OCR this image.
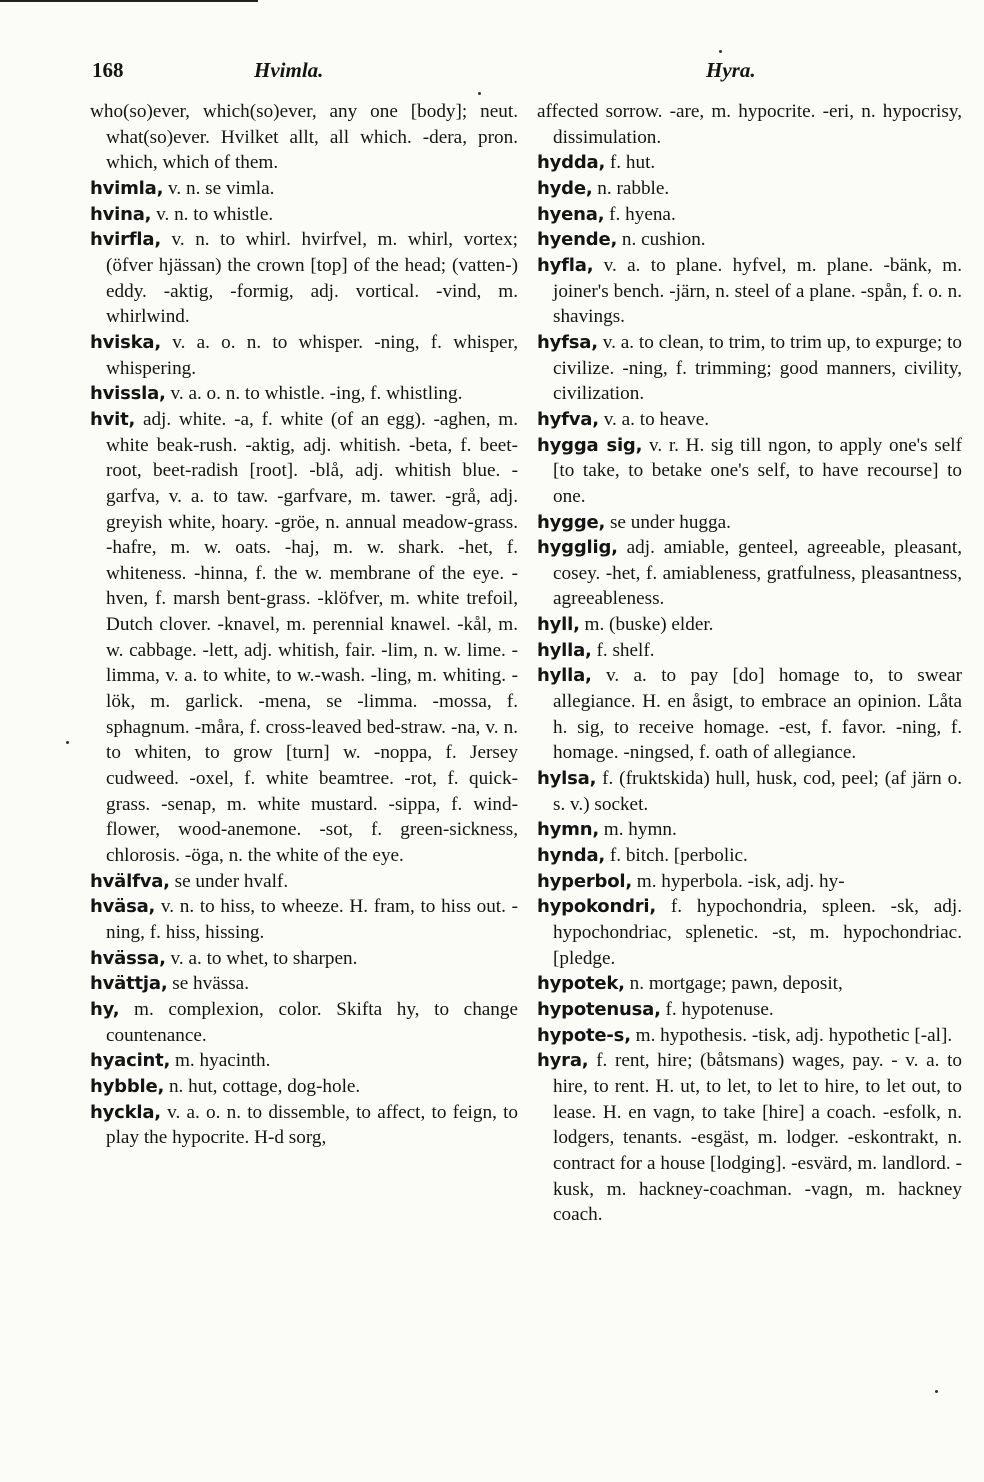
168	Hvimla.	Hyra.

who(so)ever, which(so)ever, any one [body]; neut. what(so)ever. Hvilket allt, all which. -dera, pron. which, which of them.

hvimla, v. n. se vimla.

hvina, v. n. to whistle.

hvirfla, v. n. to whirl. hvirfvel, m. whirl, vortex; (öfver hjässan) the crown [top] of the head; (vatten-) eddy. -aktig, -formig, adj. vortical. -vind, m. whirlwind.

hviska, v. a. o. n. to whisper. -ning, f. whisper, whispering.

hvissla, v. a. o. n. to whistle. -ing, f. whistling.

hvit, adj. white. -a, f. white (of an egg). -aghen, m. white beak-rush. -aktig, adj. whitish. -beta, f. beet-root, beet-radish [root]. -blå, adj. whitish blue. -garfva, v. a. to taw. -garfvare, m. tawer. -grå, adj. greyish white, hoary. -gröe, n. annual meadow-grass. -hafre, m. w. oats. -haj, m. w. shark. -het, f. whiteness. -hinna, f. the w. membrane of the eye. -hven, f. marsh bent-grass. -klöfver, m. white trefoil, Dutch clover. -knavel, m. perennial knawel. -kål, m. w. cabbage. -lett, adj. whitish, fair. -lim, n. w. lime. -limma, v. a. to white, to w.-wash. -ling, m. whiting. -lök, m. garlick. -mena, se -limma. -mossa, f. sphagnum. -måra, f. cross-leaved bed-straw. -na, v. n. to whiten, to grow [turn] w. -noppa, f. Jersey cudweed. -oxel, f. white beamtree. -rot, f. quick-grass. -senap, m. white mustard. -sippa, f. wind-flower, wood-anemone. -sot, f. green-sickness, chlorosis. -öga, n. the white of the eye.

hvälfva, se under hvalf.

hväsa, v. n. to hiss, to wheeze. H. fram, to hiss out. -ning, f. hiss, hissing.

hvässa, v. a. to whet, to sharpen.

hvättja, se hvässa.

hy, m. complexion, color. Skifta hy, to change countenance.

hyacint, m. hyacinth.

hybble, n. hut, cottage, dog-hole.

hyckla, v. a. o. n. to dissemble, to affect, to feign, to play the hypocrite. H-d sorg,

affected sorrow. -are, m. hypocrite. -eri, n. hypocrisy, dissimulation.

hydda, f. hut.

hyde, n. rabble.

hyena, f. hyena.

hyende, n. cushion.

hyfla, v. a. to plane. hyfvel, m. plane. -bänk, m. joiner's bench. -järn, n. steel of a plane. -spån, f. o. n. shavings.

hyfsa, v. a. to clean, to trim, to trim up, to expurge; to civilize. -ning, f. trimming; good manners, civility, civilization.

hyfva, v. a. to heave.

hygga sig, v. r. H. sig till ngon, to apply one's self [to take, to betake one's self, to have recourse] to one.

hygge, se under hugga.

hygglig, adj. amiable, genteel, agreeable, pleasant, cosey. -het, f. amiableness, gratfulness, pleasantness, agreeableness.

hyll, m. (buske) elder.

hylla, f. shelf.

hylla, v. a. to pay [do] homage to, to swear allegiance. H. en åsigt, to embrace an opinion. Låta h. sig, to receive homage. -est, f. favor. -ning, f. homage. -ningsed, f. oath of allegiance.

hylsa, f. (fruktskida) hull, husk, cod, peel; (af järn o. s. v.) socket.

hymn, m. hymn.

hynda, f. bitch. [perbolic.

hyperbol, m. hyperbola. -isk, adj. hy-

hypokondri, f. hypochondria, spleen. -sk, adj. hypochondriac, splenetic. -st, m. hypochondriac. [pledge.

hypotek, n. mortgage; pawn, deposit,

hypotenusa, f. hypotenuse.

hypote-s, m. hypothesis. -tisk, adj. hypothetic [-al].

hyra, f. rent, hire; (båtsmans) wages, pay. - v. a. to hire, to rent. H. ut, to let, to let to hire, to let out, to lease. H. en vagn, to take [hire] a coach. -esfolk, n. lodgers, tenants. -esgäst, m. lodger. -eskontrakt, n. contract for a house [lodging]. -esvärd, m. landlord. -kusk, m. hackney-coachman. -vagn, m. hackney coach.
